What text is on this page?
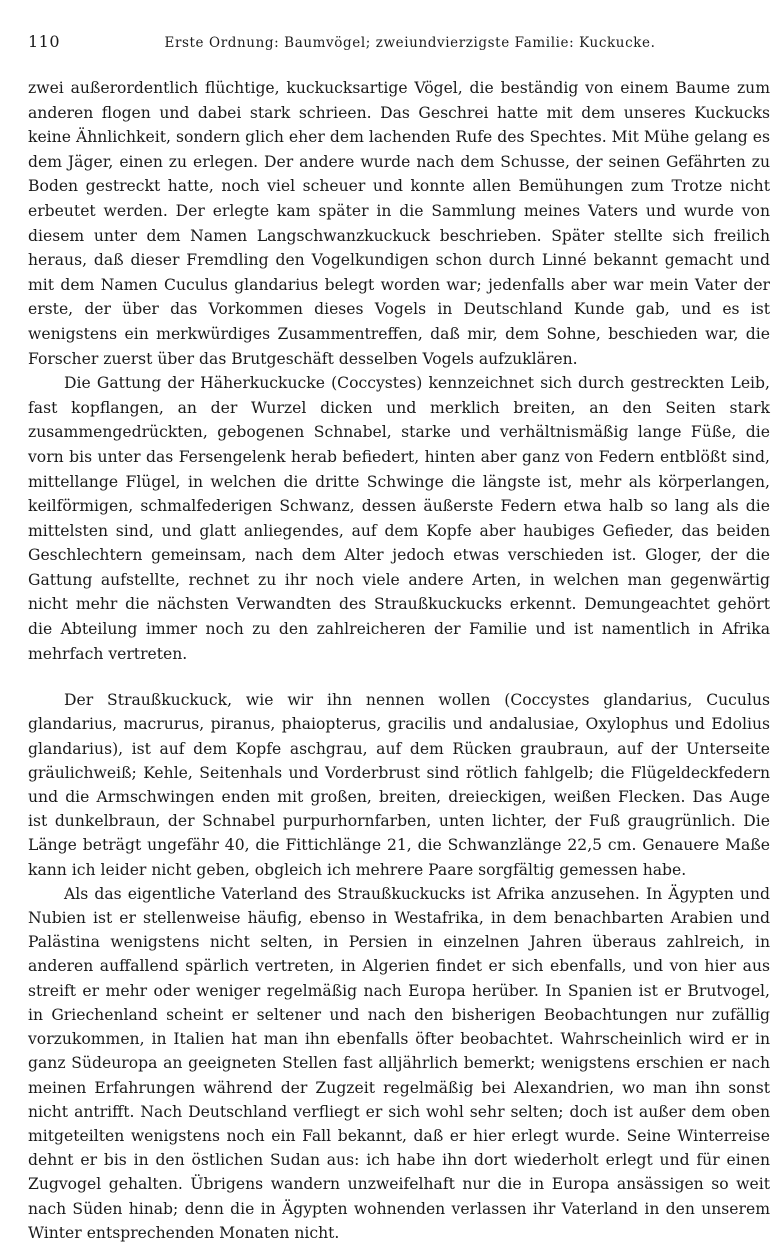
110	Erste Ordnung: Baumvögel; zweiundvierzigste Familie: Kuckucke.

zwei außerordentlich flüchtige, kuckucksartige Vögel, die beständig von einem Baume zum anderen flogen und dabei stark schrieen. Das Geschrei hatte mit dem unseres Kuckucks keine Ähnlichkeit, sondern glich eher dem lachenden Rufe des Spechtes. Mit Mühe gelang es dem Jäger, einen zu erlegen. Der andere wurde nach dem Schusse, der seinen Gefährten zu Boden gestreckt hatte, noch viel scheuer und konnte allen Bemühungen zum Trotze nicht erbeutet werden. Der erlegte kam später in die Sammlung meines Vaters und wurde von diesem unter dem Namen Langschwanzkuckuck beschrieben. Später stellte sich freilich heraus, daß dieser Fremdling den Vogelkundigen schon durch Linné bekannt gemacht und mit dem Namen Cuculus glandarius belegt worden war; jedenfalls aber war mein Vater der erste, der über das Vorkommen dieses Vogels in Deutschland Kunde gab, und es ist wenigstens ein merkwürdiges Zusammentreffen, daß mir, dem Sohne, beschieden war, die Forscher zuerst über das Brutgeschäft desselben Vogels aufzuklären.

Die Gattung der Häherkuckucke (Coccystes) kennzeichnet sich durch gestreckten Leib, fast kopflangen, an der Wurzel dicken und merklich breiten, an den Seiten stark zusammengedrückten, gebogenen Schnabel, starke und verhältnismäßig lange Füße, die vorn bis unter das Fersengelenk herab befiedert, hinten aber ganz von Federn entblößt sind, mittellange Flügel, in welchen die dritte Schwinge die längste ist, mehr als körperlangen, keilförmigen, schmalfederigen Schwanz, dessen äußerste Federn etwa halb so lang als die mittelsten sind, und glatt anliegendes, auf dem Kopfe aber haubiges Gefieder, das beiden Geschlechtern gemeinsam, nach dem Alter jedoch etwas verschieden ist. Gloger, der die Gattung aufstellte, rechnet zu ihr noch viele andere Arten, in welchen man gegenwärtig nicht mehr die nächsten Verwandten des Straußkuckucks erkennt. Demungeachtet gehört die Abteilung immer noch zu den zahlreicheren der Familie und ist namentlich in Afrika mehrfach vertreten.

Der Straußkuckuck, wie wir ihn nennen wollen (Coccystes glandarius, Cuculus glandarius, macrurus, piranus, phaiopterus, gracilis und andalusiae, Oxylophus und Edolius glandarius), ist auf dem Kopfe aschgrau, auf dem Rücken graubraun, auf der Unterseite gräulichweiß; Kehle, Seitenhals und Vorderbrust sind rötlich fahlgelb; die Flügeldeckfedern und die Armschwingen enden mit großen, breiten, dreieckigen, weißen Flecken. Das Auge ist dunkelbraun, der Schnabel purpurhornfarben, unten lichter, der Fuß graugrünlich. Die Länge beträgt ungefähr 40, die Fittichlänge 21, die Schwanzlänge 22,5 cm. Genauere Maße kann ich leider nicht geben, obgleich ich mehrere Paare sorgfältig gemessen habe.

Als das eigentliche Vaterland des Straußkuckucks ist Afrika anzusehen. In Ägypten und Nubien ist er stellenweise häufig, ebenso in Westafrika, in dem benachbarten Arabien und Palästina wenigstens nicht selten, in Persien in einzelnen Jahren überaus zahlreich, in anderen auffallend spärlich vertreten, in Algerien findet er sich ebenfalls, und von hier aus streift er mehr oder weniger regelmäßig nach Europa herüber. In Spanien ist er Brutvogel, in Griechenland scheint er seltener und nach den bisherigen Beobachtungen nur zufällig vorzukommen, in Italien hat man ihn ebenfalls öfter beobachtet. Wahrscheinlich wird er in ganz Südeuropa an geeigneten Stellen fast alljährlich bemerkt; wenigstens erschien er nach meinen Erfahrungen während der Zugzeit regelmäßig bei Alexandrien, wo man ihn sonst nicht antrifft. Nach Deutschland verfliegt er sich wohl sehr selten; doch ist außer dem oben mitgeteilten wenigstens noch ein Fall bekannt, daß er hier erlegt wurde. Seine Winterreise dehnt er bis in den östlichen Sudan aus: ich habe ihn dort wiederholt erlegt und für einen Zugvogel gehalten. Übrigens wandern unzweifelhaft nur die in Europa ansässigen so weit nach Süden hinab; denn die in Ägypten wohnenden verlassen ihr Vaterland in den unserem Winter entsprechenden Monaten nicht.
